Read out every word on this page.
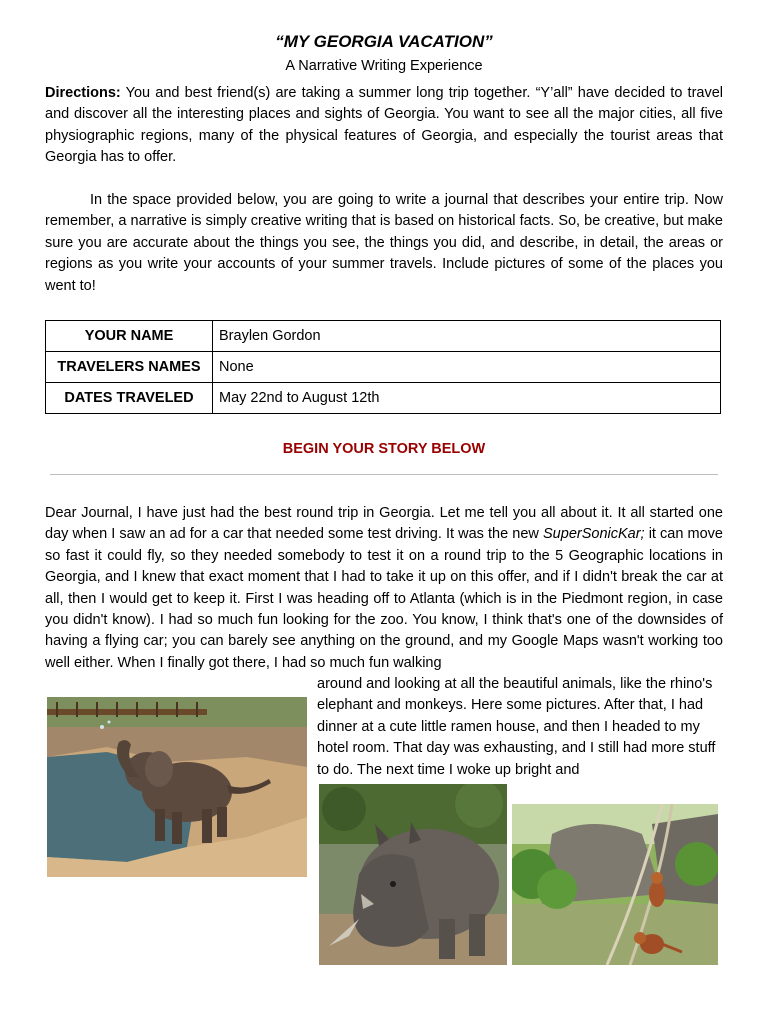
“MY GEORGIA VACATION”
A Narrative Writing Experience
Directions: You and best friend(s) are taking a summer long trip together. “Y’all” have decided to travel and discover all the interesting places and sights of Georgia. You want to see all the major cities, all five physiographic regions, many of the physical features of Georgia, and especially the tourist areas that Georgia has to offer.
In the space provided below, you are going to write a journal that describes your entire trip. Now remember, a narrative is simply creative writing that is based on historical facts. So, be creative, but make sure you are accurate about the things you see, the things you did, and describe, in detail, the areas or regions as you write your accounts of your summer travels. Include pictures of some of the places you went to!
YOUR NAME	Braylen Gordon
TRAVELERS NAMES	None
DATES TRAVELED	May 22nd to August 12th
BEGIN YOUR STORY BELOW
Dear Journal, I have just had the best round trip in Georgia. Let me tell you all about it. It all started one day when I saw an ad for a car that needed some test driving. It was the new SuperSonicKar; it can move so fast it could fly, so they needed somebody to test it on a round trip to the 5 Geographic locations in Georgia, and I knew that exact moment that I had to take it up on this offer, and if I didn't break the car at all, then I would get to keep it. First I was heading off to Atlanta (which is in the Piedmont region, in case you didn't know). I had so much fun looking for the zoo. You know, I think that's one of the downsides of having a flying car; you can barely see anything on the ground, and my Google Maps wasn't working too well either. When I finally got there, I had so much fun walking
around and looking at all the beautiful animals, like the rhino's elephant and monkeys. Here some pictures. After that, I had dinner at a cute little ramen house, and then I headed to my hotel room. That day was exhausting, and I still had more stuff to do. The next time I woke up bright and
